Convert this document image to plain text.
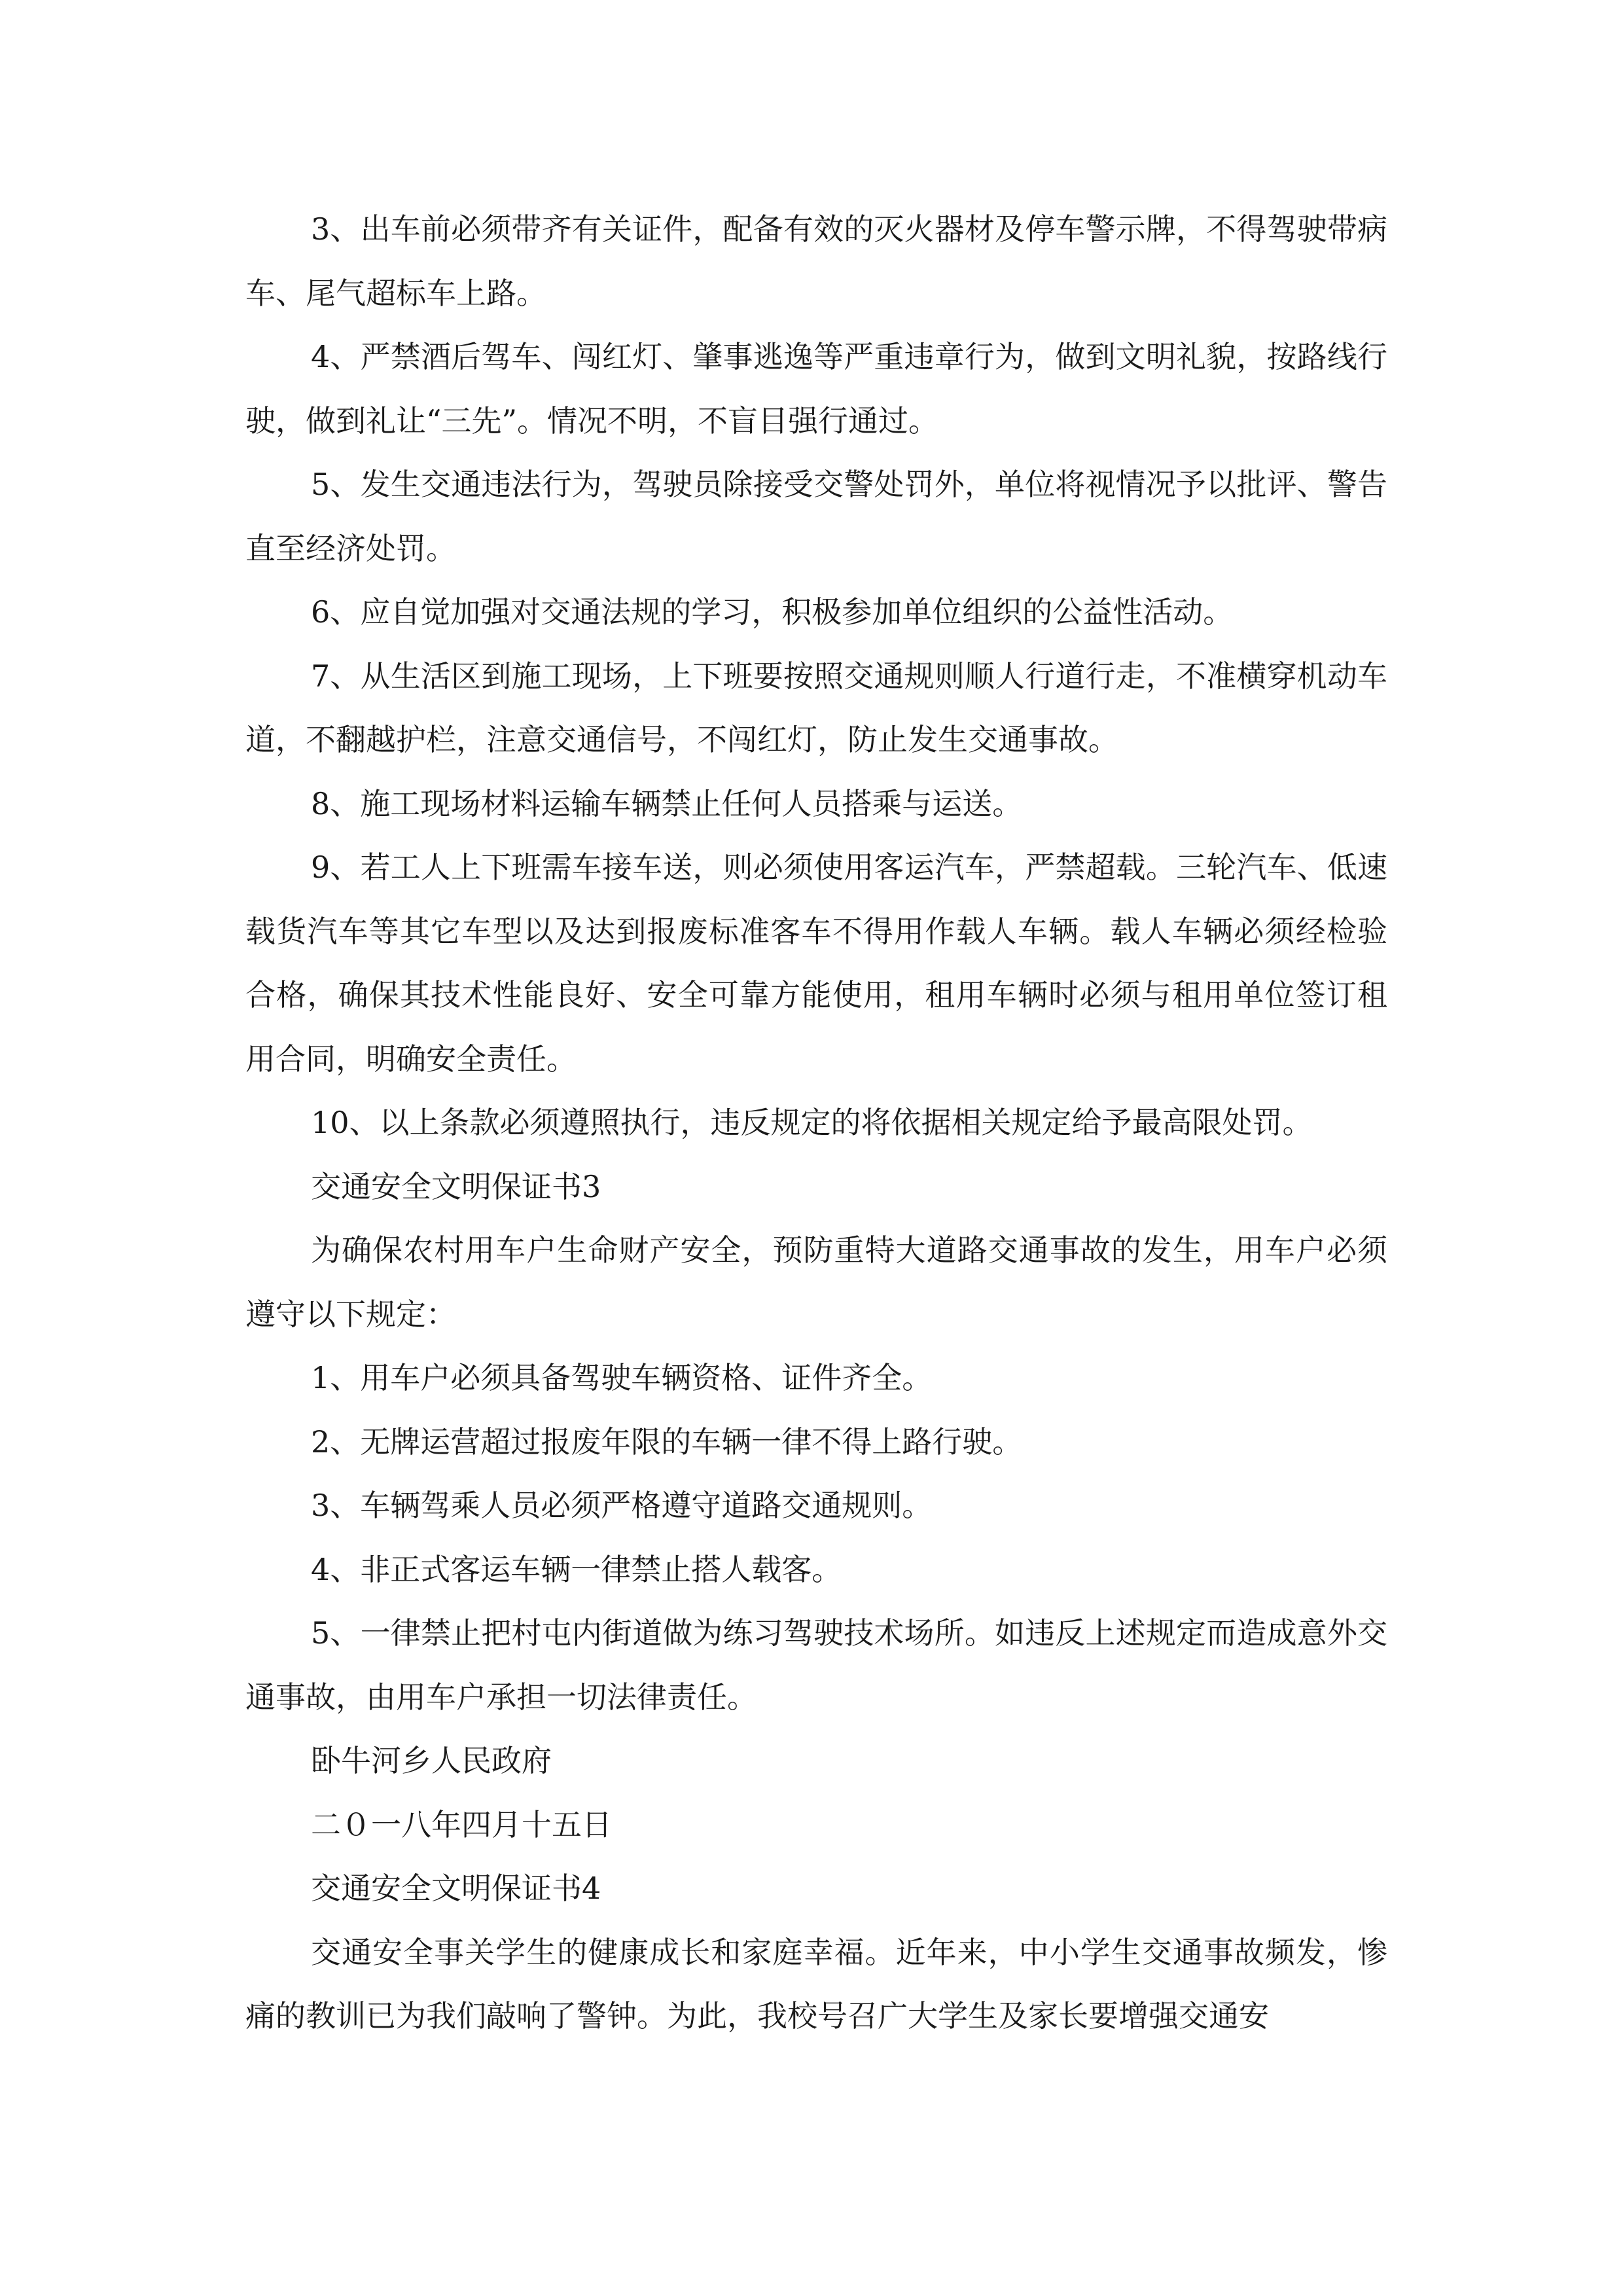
3、出车前必须带齐有关证件，配备有效的灭火器材及停车警示牌，不得驾驶带病车、尾气超标车上路。

4、严禁酒后驾车、闯红灯、肇事逃逸等严重违章行为，做到文明礼貌，按路线行驶，做到礼让“三先”。情况不明，不盲目强行通过。

5、发生交通违法行为，驾驶员除接受交警处罚外，单位将视情况予以批评、警告直至经济处罚。

6、应自觉加强对交通法规的学习，积极参加单位组织的公益性活动。

7、从生活区到施工现场，上下班要按照交通规则顺人行道行走，不准横穿机动车道，不翻越护栏，注意交通信号，不闯红灯，防止发生交通事故。

8、施工现场材料运输车辆禁止任何人员搭乘与运送。

9、若工人上下班需车接车送，则必须使用客运汽车，严禁超载。三轮汽车、低速载货汽车等其它车型以及达到报废标准客车不得用作载人车辆。载人车辆必须经检验合格，确保其技术性能良好、安全可靠方能使用，租用车辆时必须与租用单位签订租用合同，明确安全责任。

10、以上条款必须遵照执行，违反规定的将依据相关规定给予最高限处罚。

交通安全文明保证书3

为确保农村用车户生命财产安全，预防重特大道路交通事故的发生，用车户必须遵守以下规定：

1、用车户必须具备驾驶车辆资格、证件齐全。

2、无牌运营超过报废年限的车辆一律不得上路行驶。

3、车辆驾乘人员必须严格遵守道路交通规则。

4、非正式客运车辆一律禁止搭人载客。

5、一律禁止把村屯内街道做为练习驾驶技术场所。如违反上述规定而造成意外交通事故，由用车户承担一切法律责任。

卧牛河乡人民政府

二０一八年四月十五日

交通安全文明保证书4

交通安全事关学生的健康成长和家庭幸福。近年来，中小学生交通事故频发，惨痛的教训已为我们敲响了警钟。为此，我校号召广大学生及家长要增强交通安
